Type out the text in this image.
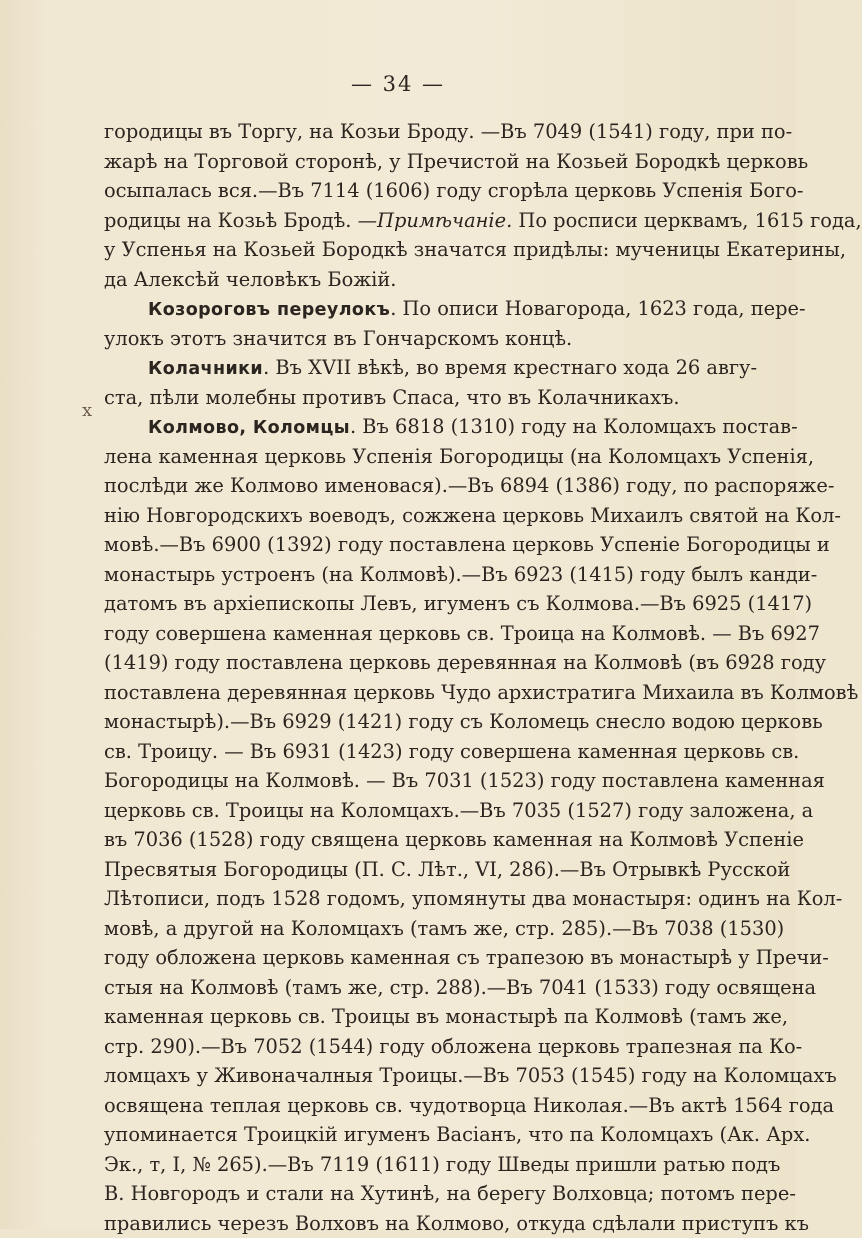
— 34 —
x
городицы въ Торгу, на Козьи Броду. —Въ 7049 (1541) году, при по-
жарѣ на Торговой сторонѣ, у Пречистой на Козьей Бородкѣ церковь
осыпалась вся.—Въ 7114 (1606) году сгорѣла церковь Успенія Бого-
родицы на Козьѣ Бродѣ. —Примѣчаніе. По росписи церквамъ, 1615 года,
у Успенья на Козьей Бородкѣ значатся придѣлы: мученицы Екатерины,
да Алексѣй человѣкъ Божій.
Козороговъ переулокъ. По описи Новагорода, 1623 года, пере-
улокъ этотъ значится въ Гончарскомъ концѣ.
Колачники. Въ XVII вѣкѣ, во время крестнаго хода 26 авгу-
ста, пѣли молебны противъ Спаса, что въ Колачникахъ.
Колмово, Коломцы. Въ 6818 (1310) году на Коломцахъ постав-
лена каменная церковь Успенія Богородицы (на Коломцахъ Успенія,
послѣди же Колмово именовася).—Въ 6894 (1386) году, по распоряже-
нію Новгородскихъ воеводъ, сожжена церковь Михаилъ святой на Кол-
мовѣ.—Въ 6900 (1392) году поставлена церковь Успеніе Богородицы и
монастырь устроенъ (на Колмовѣ).—Въ 6923 (1415) году былъ канди-
датомъ въ архіепископы Левъ, игуменъ съ Колмова.—Въ 6925 (1417)
году совершена каменная церковь св. Троица на Колмовѣ. — Въ 6927
(1419) году поставлена церковь деревянная на Колмовѣ (въ 6928 году
поставлена деревянная церковь Чудо архистратига Михаила въ Колмовѣ
монастырѣ).—Въ 6929 (1421) году съ Коломець снесло водою церковь
св. Троицу. — Въ 6931 (1423) году совершена каменная церковь св.
Богородицы на Колмовѣ. — Въ 7031 (1523) году поставлена каменная
церковь св. Троицы на Коломцахъ.—Въ 7035 (1527) году заложена, а
въ 7036 (1528) году священа церковь каменная на Колмовѣ Успеніе
Пресвятыя Богородицы (П. С. Лѣт., VI, 286).—Въ Отрывкѣ Русской
Лѣтописи, подъ 1528 годомъ, упомянуты два монастыря: одинъ на Кол-
мовѣ, а другой на Коломцахъ (тамъ же, стр. 285).—Въ 7038 (1530)
году обложена церковь каменная съ трапезою въ монастырѣ у Пречи-
стыя на Колмовѣ (тамъ же, стр. 288).—Въ 7041 (1533) году освящена
каменная церковь св. Троицы въ монастырѣ па Колмовѣ (тамъ же,
стр. 290).—Въ 7052 (1544) году обложена церковь трапезная па Ко-
ломцахъ у Живоначалныя Троицы.—Въ 7053 (1545) году на Коломцахъ
освящена теплая церковь св. чудотворца Николая.—Въ актѣ 1564 года
упоминается Троицкій игуменъ Васіанъ, что па Коломцахъ (Ак. Арх.
Эк., т, I, № 265).—Въ 7119 (1611) году Шведы пришли ратью подъ
В. Новгородъ и стали на Хутинѣ, на берегу Волховца; потомъ пере-
правились черезъ Волховъ на Колмово, откуда сдѣлали приступъ къ
